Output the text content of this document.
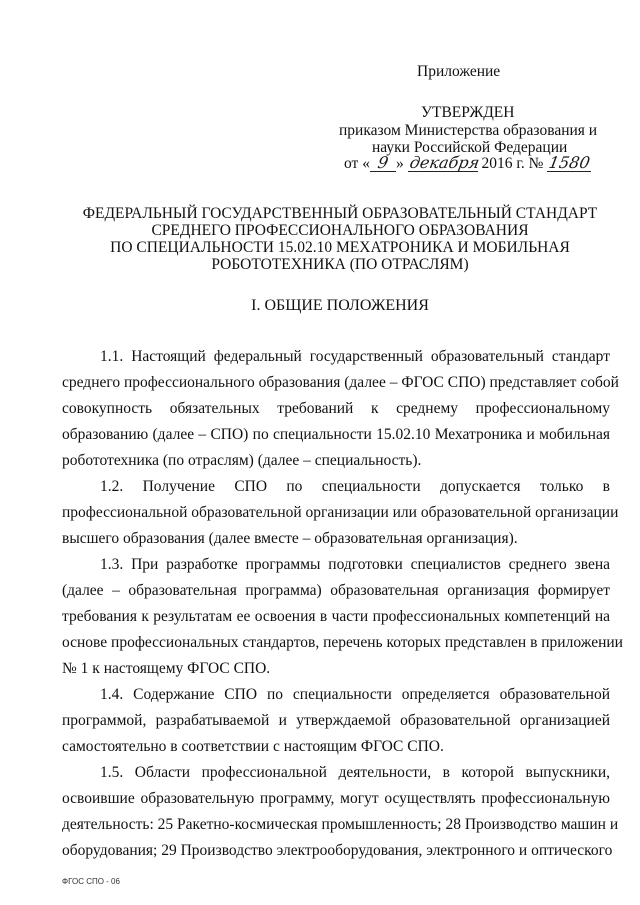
Приложение
УТВЕРЖДЕН
приказом Министерства образования и
науки Российской Федерации
от « 9 » декабря 2016 г. № 1580
ФЕДЕРАЛЬНЫЙ ГОСУДАРСТВЕННЫЙ ОБРАЗОВАТЕЛЬНЫЙ СТАНДАРТ
СРЕДНЕГО ПРОФЕССИОНАЛЬНОГО ОБРАЗОВАНИЯ
ПО СПЕЦИАЛЬНОСТИ 15.02.10 МЕХАТРОНИКА И МОБИЛЬНАЯ
РОБОТОТЕХНИКА (ПО ОТРАСЛЯМ)
I. ОБЩИЕ ПОЛОЖЕНИЯ
1.1. Настоящий федеральный государственный образовательный стандарт
среднего профессионального образования (далее – ФГОС СПО) представляет собой
совокупность обязательных требований к среднему профессиональному
образованию (далее – СПО) по специальности 15.02.10 Мехатроника и мобильная
робототехника (по отраслям) (далее – специальность).
1.2. Получение СПО по специальности допускается только в
профессиональной образовательной организации или образовательной организации
высшего образования (далее вместе – образовательная организация).
1.3. При разработке программы подготовки специалистов среднего звена
(далее – образовательная программа) образовательная организация формирует
требования к результатам ее освоения в части профессиональных компетенций на
основе профессиональных стандартов, перечень которых представлен в приложении
№ 1 к настоящему ФГОС СПО.
1.4. Содержание СПО по специальности определяется образовательной
программой, разрабатываемой и утверждаемой образовательной организацией
самостоятельно в соответствии с настоящим ФГОС СПО.
1.5. Области профессиональной деятельности, в которой выпускники,
освоившие образовательную программу, могут осуществлять профессиональную
деятельность: 25 Ракетно-космическая промышленность; 28 Производство машин и
оборудования; 29 Производство электрооборудования, электронного и оптического
ФГОС СПО - 06
